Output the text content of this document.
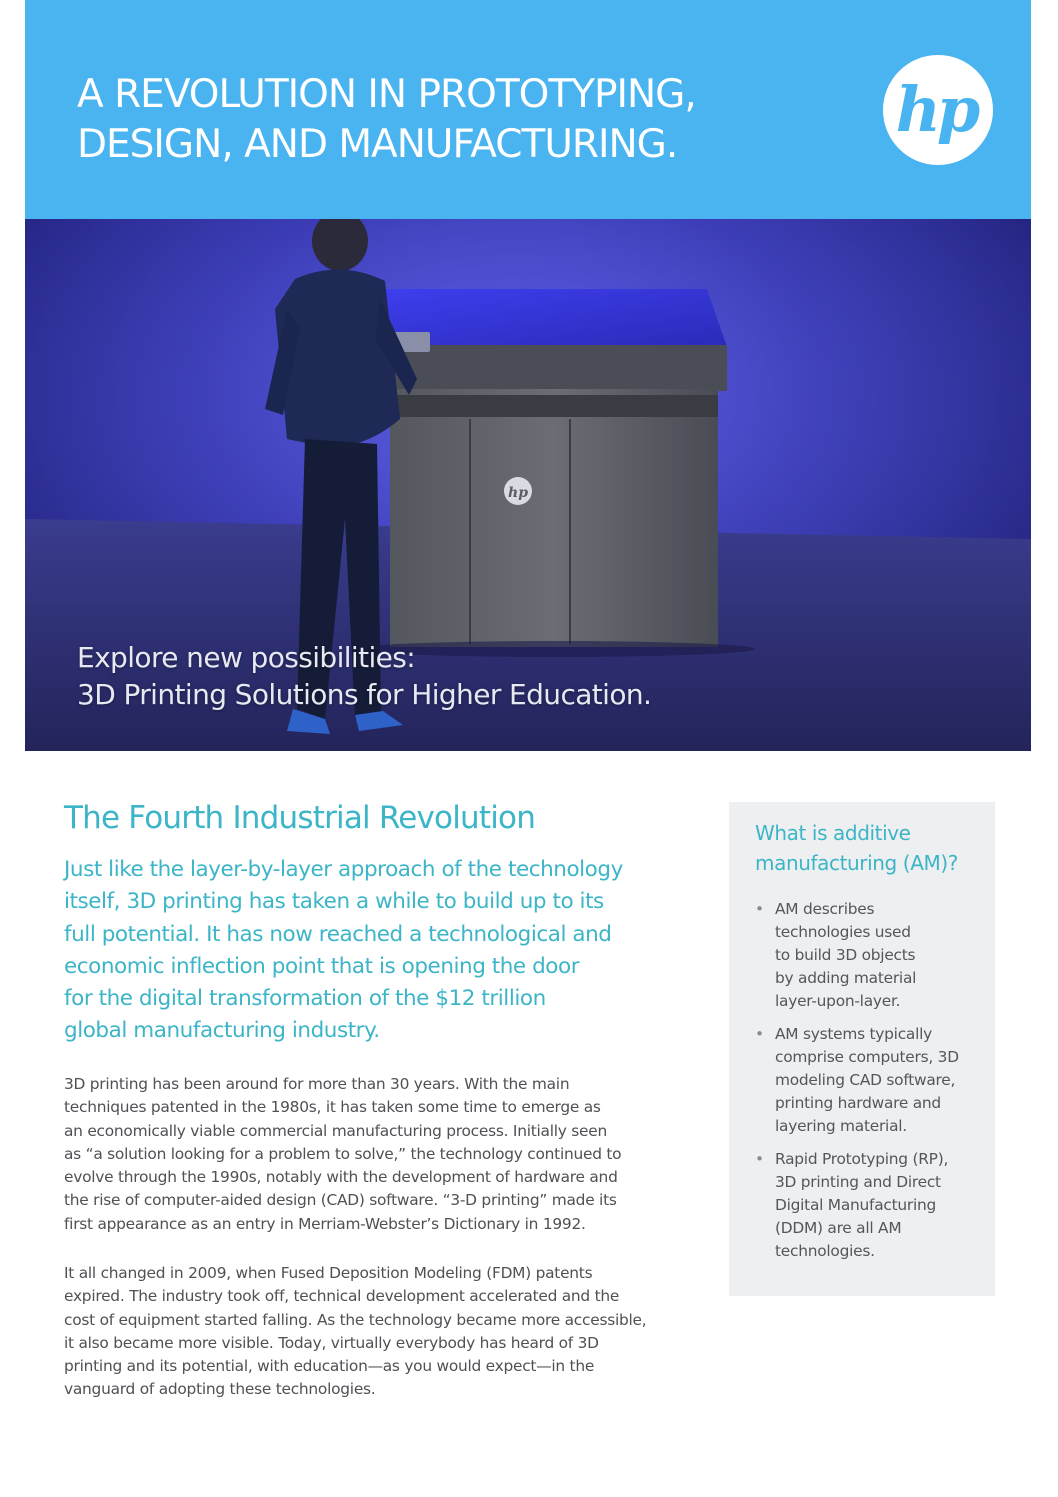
A REVOLUTION IN PROTOTYPING,
DESIGN, AND MANUFACTURING.	hp
hp
Explore new possibilities:
3D Printing Solutions for Higher Education.
The Fourth Industrial Revolution

Just like the layer-by-layer approach of the technology
itself, 3D printing has taken a while to build up to its
full potential. It has now reached a technological and
economic inflection point that is opening the door
for the digital transformation of the $12 trillion
global manufacturing industry.

3D printing has been around for more than 30 years. With the main
techniques patented in the 1980s, it has taken some time to emerge as
an economically viable commercial manufacturing process. Initially seen
as “a solution looking for a problem to solve,” the technology continued to
evolve through the 1990s, notably with the development of hardware and
the rise of computer-aided design (CAD) software. “3-D printing” made its
first appearance as an entry in Merriam-Webster’s Dictionary in 1992.

It all changed in 2009, when Fused Deposition Modeling (FDM) patents
expired. The industry took off, technical development accelerated and the
cost of equipment started falling. As the technology became more accessible,
it also became more visible. Today, virtually everybody has heard of 3D
printing and its potential, with education—as you would expect—in the
vanguard of adopting these technologies.

What is additive
manufacturing (AM)?
• AM describes
technologies used
to build 3D objects
by adding material
layer-upon-layer.
• AM systems typically
comprise computers, 3D
modeling CAD software,
printing hardware and
layering material.
• Rapid Prototyping (RP),
3D printing and Direct
Digital Manufacturing
(DDM) are all AM
technologies.
